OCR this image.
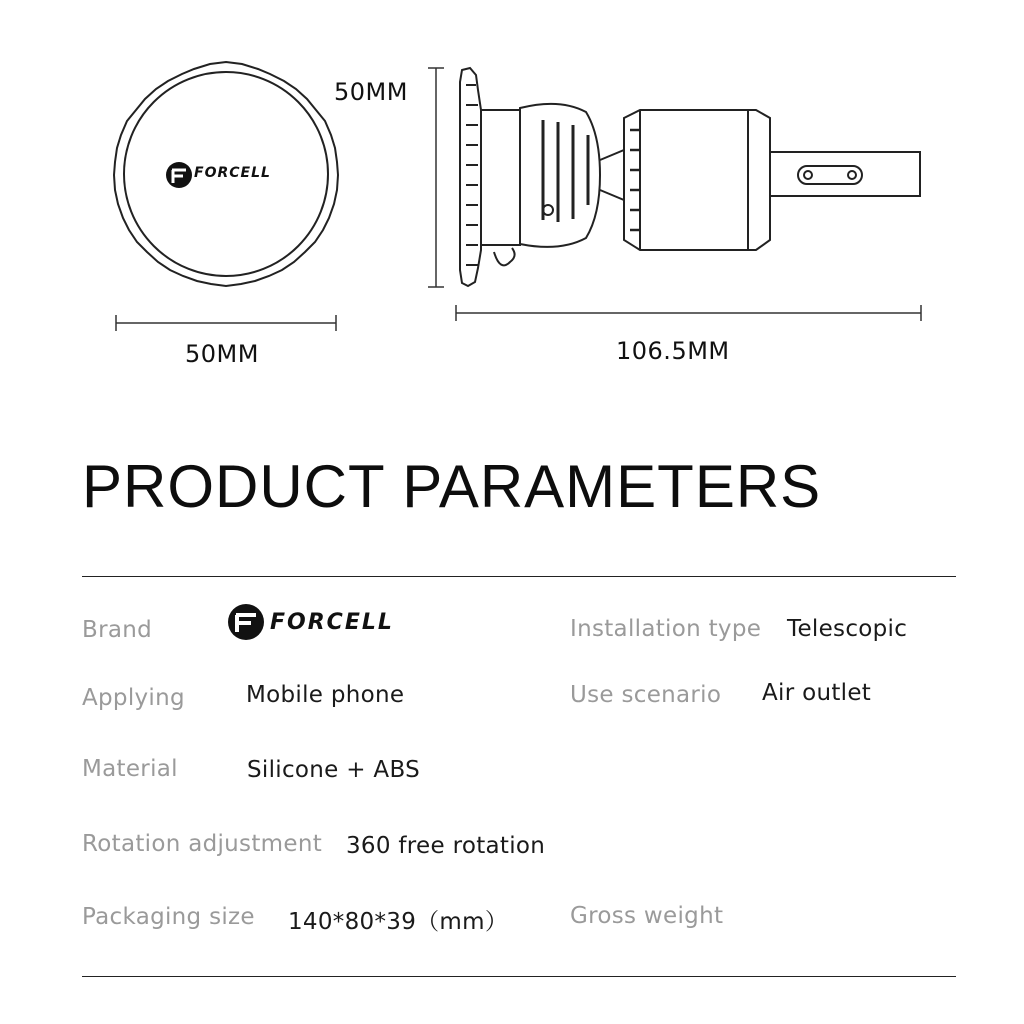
FORCELL
50MM
50MM	106.5MM
PRODUCT PARAMETERS
Brand	FORCELL	Installation type Telescopic
Applying	Mobile phone	Use scenario Air outlet
Material	Silicone + ABS
Rotation adjustment 360 free rotation
Packaging size 140*80*39（mm）	Gross weight
